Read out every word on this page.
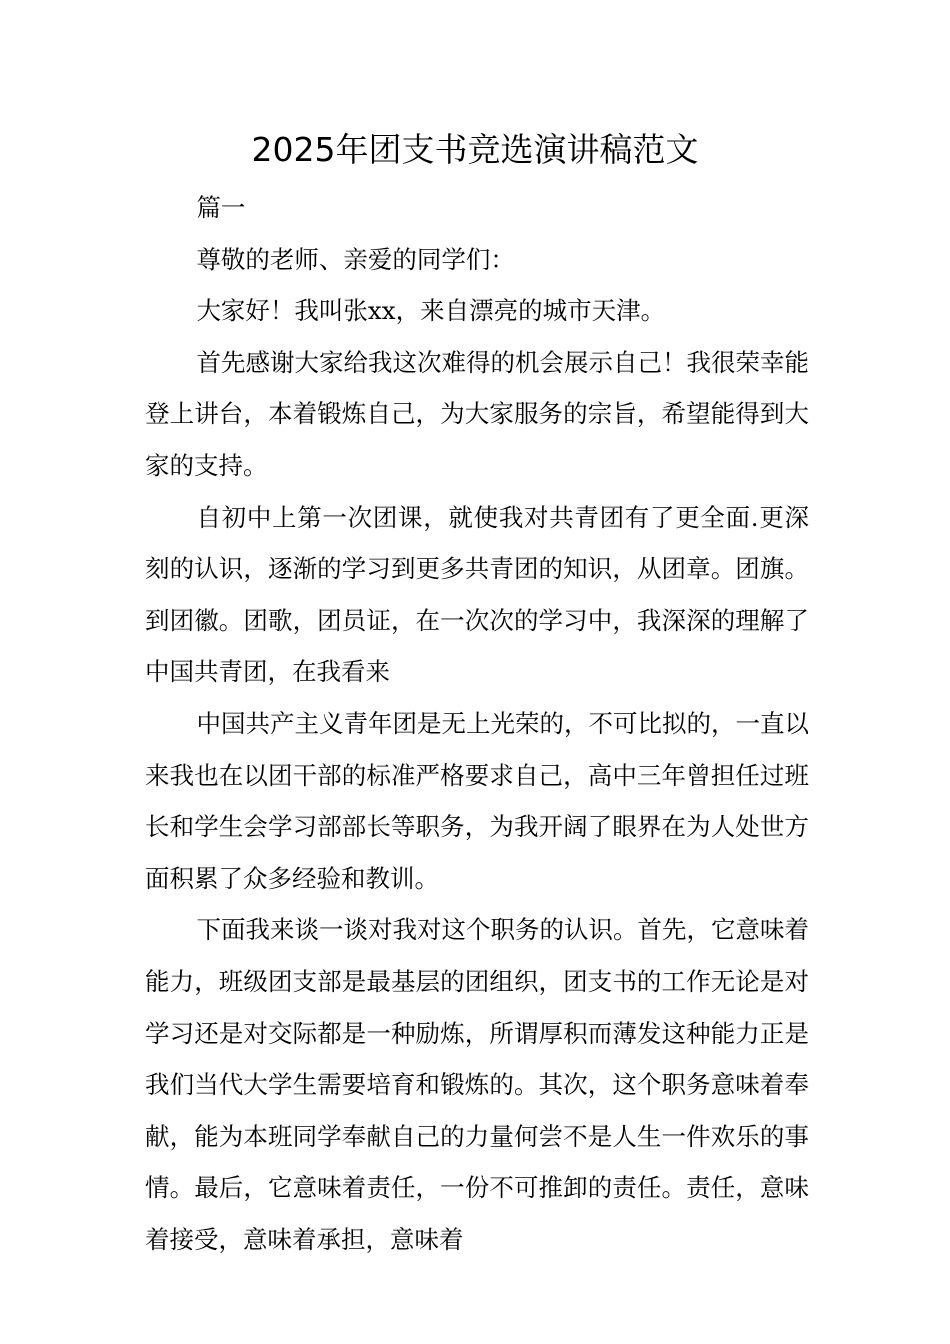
2025年团支书竞选演讲稿范文

篇一

尊敬的老师、亲爱的同学们：

大家好！我叫张xx，来自漂亮的城市天津。

首先感谢大家给我这次难得的机会展示自己！我很荣幸能登上讲台，本着锻炼自己，为大家服务的宗旨，希望能得到大家的支持。

自初中上第一次团课，就使我对共青团有了更全面.更深刻的认识，逐渐的学习到更多共青团的知识，从团章。团旗。到团徽。团歌，团员证，在一次次的学习中，我深深的理解了中国共青团，在我看来

中国共产主义青年团是无上光荣的，不可比拟的，一直以来我也在以团干部的标准严格要求自己，高中三年曾担任过班长和学生会学习部部长等职务，为我开阔了眼界在为人处世方面积累了众多经验和教训。

下面我来谈一谈对我对这个职务的认识。首先，它意味着能力，班级团支部是最基层的团组织，团支书的工作无论是对学习还是对交际都是一种励炼，所谓厚积而薄发这种能力正是我们当代大学生需要培育和锻炼的。其次，这个职务意味着奉献，能为本班同学奉献自己的力量何尝不是人生一件欢乐的事情。最后，它意味着责任，一份不可推卸的责任。责任，意味着接受，意味着承担，意味着
